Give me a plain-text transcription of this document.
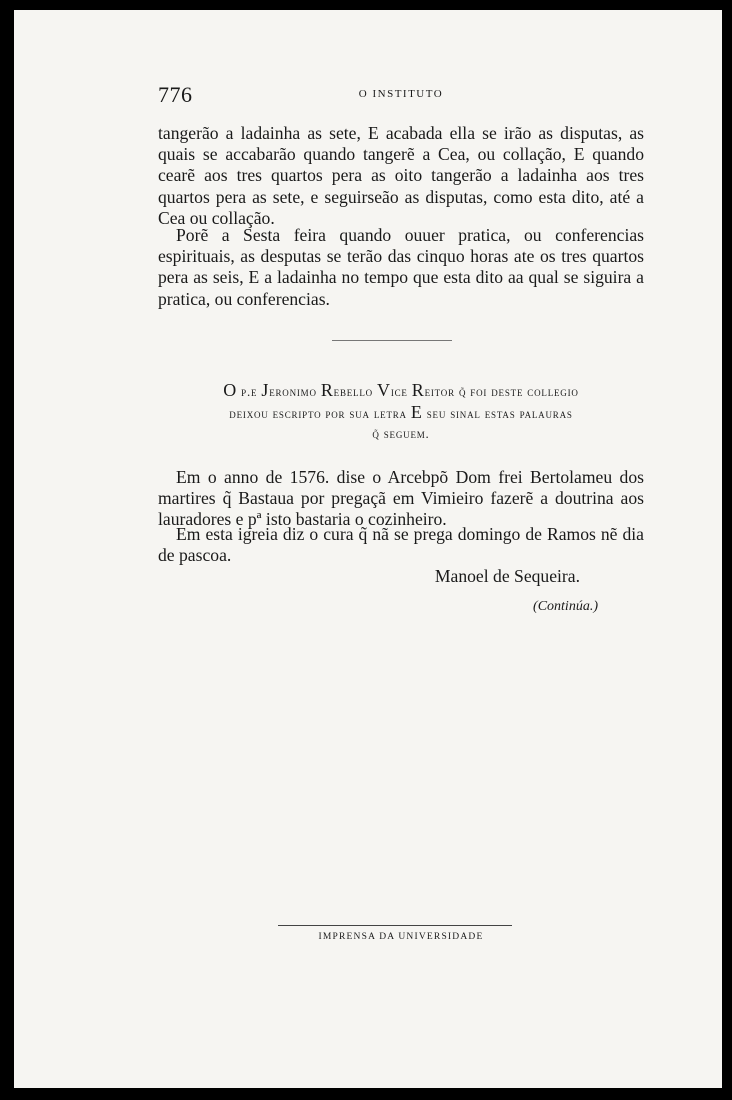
776	O INSTITUTO

tangerão a ladainha as sete, E acabada ella se irão as disputas, as quais se accabarão quando tangerẽ a Cea, ou collação, E quando cearẽ aos tres quartos pera as oito tangerão a ladainha aos tres quartos pera as sete, e seguirseão as disputas, como esta dito, até a Cea ou collação.

Porẽ a Sesta feira quando ouuer pratica, ou conferencias espirituais, as desputas se terão das cinquo horas ate os tres quartos pera as seis, E a ladainha no tempo que esta dito aa qual se siguira a pratica, ou conferencias.

O p.e Jeronimo Rebello Vice Reitor q̃ foi deste collegio
deixou escripto por sua letra E seu sinal estas palauras
q̃ seguem.

Em o anno de 1576. dise o Arcebpõ Dom frei Bertolameu dos martires q̃ Bastaua por pregaçã em Vimieiro fazerẽ a doutrina aos lauradores e pª isto bastaria o cozinheiro.

Em esta igreia diz o cura q̃ nã se prega domingo de Ramos nẽ dia de pascoa.

Manoel de Sequeira.
(Continúa.)
IMPRENSA DA UNIVERSIDADE
